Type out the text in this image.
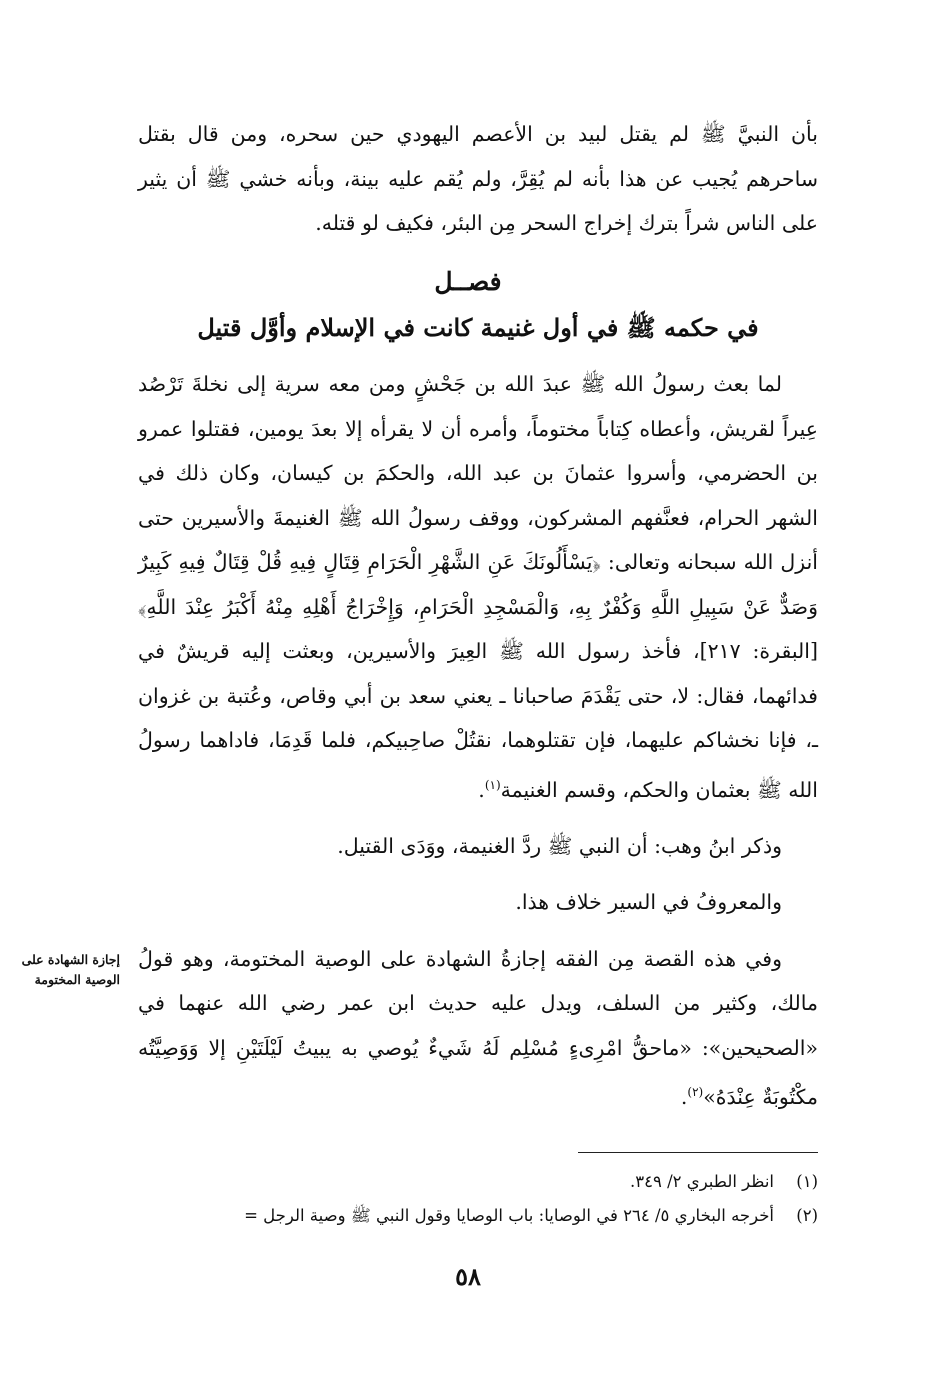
بأن النبيَّ ﷺ لم يقتل لبيد بن الأعصم اليهودي حين سحره، ومن قال بقتل ساحرهم يُجيب عن هذا بأنه لم يُقِرَّ، ولم يُقم عليه بينة، وبأنه خشي ﷺ أن يثير على الناس شراً بترك إخراج السحر مِن البئر، فكيف لو قتله.

فصــل
في حكمه ﷺ في أول غنيمة كانت في الإسلام وأوَّل قتيل

لما بعث رسولُ الله ﷺ عبدَ الله بن جَحْشٍ ومن معه سرية إلى نخلةَ تَرْصُد عِيراً لقريش، وأعطاه كِتاباً مختوماً، وأمره أن لا يقرأه إلا بعدَ يومين، فقتلوا عمرو بن الحضرمي، وأسروا عثمانَ بن عبد الله، والحكمَ بن كيسان، وكان ذلك في الشهر الحرام، فعنَّفهم المشركون، ووقف رسولُ الله ﷺ الغنيمةَ والأسيرين حتى أنزل الله سبحانه وتعالى: ﴿يَسْأَلُونَكَ عَنِ الشَّهْرِ الْحَرَامِ قِتَالٍ فِيهِ قُلْ قِتَالٌ فِيهِ كَبِيرٌ وَصَدٌّ عَنْ سَبِيلِ اللَّهِ وَكُفْرٌ بِهِ، وَالْمَسْجِدِ الْحَرَامِ، وَإِخْرَاجُ أَهْلِهِ مِنْهُ أَكْبَرُ عِنْدَ اللَّهِ﴾ [البقرة: ٢١٧]، فأخذ رسول الله ﷺ العِيرَ والأسيرين، وبعثت إليه قريشٌ في فدائهما، فقال: لا، حتى يَقْدَمَ صاحبانا ـ يعني سعد بن أبي وقاص، وعُتبة بن غزوان ـ، فإنا نخشاكم عليهما، فإن تقتلوهما، نقتُلْ صاحِبيكم، فلما قَدِمَا، فاداهما رسولُ الله ﷺ بعثمان والحكم، وقسم الغنيمة$^{(١)}$.

وذكر ابنُ وهب: أن النبي ﷺ ردَّ الغنيمة، ووَدَى القتيل.

والمعروفُ في السير خلاف هذا.

وفي هذه القصة مِن الفقه إجازةُ الشهادة على الوصية المختومة، وهو قولُ مالك، وكثير من السلف، ويدل عليه حديث ابن عمر رضي الله عنهما في «الصحيحين»: «ماحقُّ امْرِىءٍ مُسْلِم لَهُ شَيءٌ يُوصي به يبيتُ لَيْلَتَيْنِ إلا وَوَصِيَّتُه مكْتُوبَةٌ عِنْدَهُ»$^{(٢)}$.

إجازة الشهادة على الوصية المختومة
(١)
انظر الطبري ٢/ ٣٤٩.
(٢)
أخرجه البخاري ٥/ ٢٦٤ في الوصايا: باب الوصايا وقول النبي ﷺ وصية الرجل =
٥٨
